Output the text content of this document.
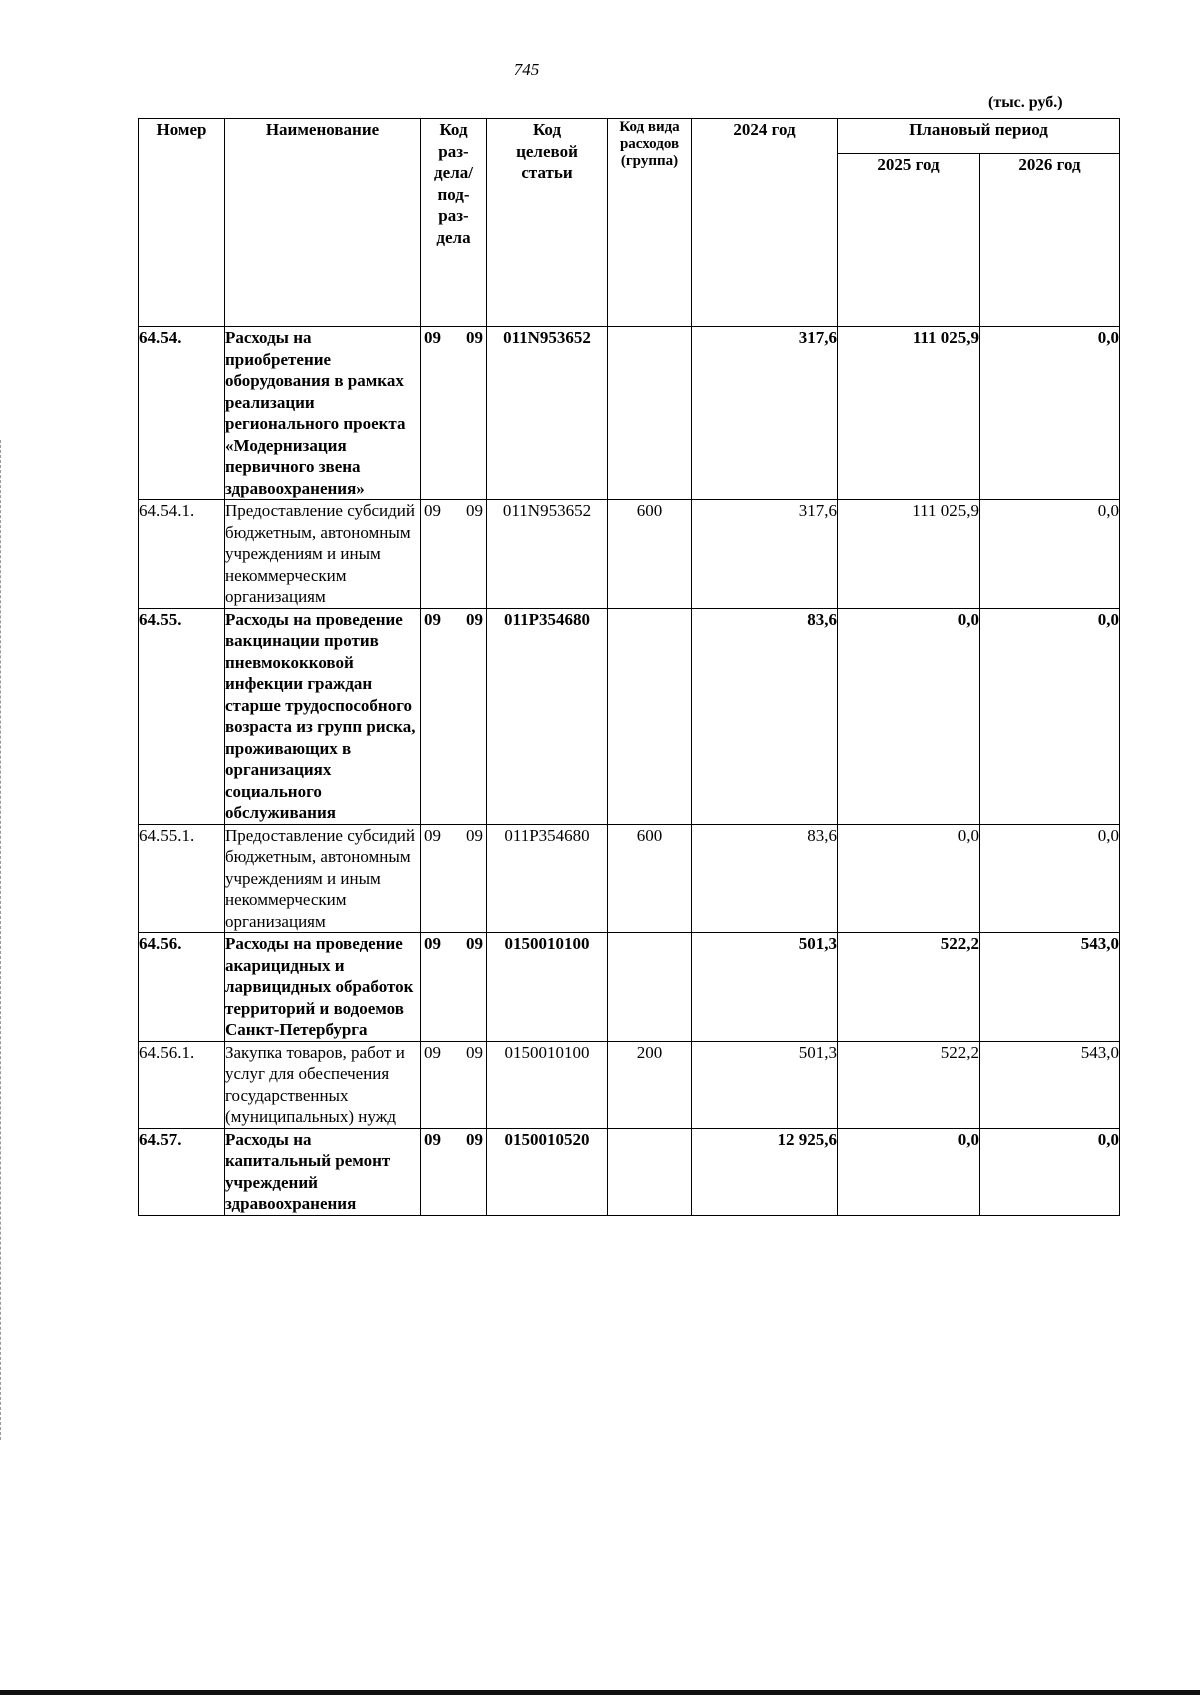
745
(тыс. руб.)
Номер	Наименование	Код раз-дела/ под-раз-дела	Код целевой статьи	Код вида расходов (группа)	2024 год	Плановый период	
						2025 год	2026 год
64.54.	Расходы на приобретение оборудования в рамках реализации регионального проекта «Модернизация первичного звена здравоохранения»	09 09	011N953652		317,6	111 025,9	0,0
64.54.1.	Предоставление субсидий бюджетным, автономным учреждениям и иным некоммерческим организациям	09 09	011N953652	600	317,6	111 025,9	0,0
64.55.	Расходы на проведение вакцинации против пневмококковой инфекции граждан старше трудоспособного возраста из групп риска, проживающих в организациях социального обслуживания	09 09	011P354680		83,6	0,0	0,0
64.55.1.	Предоставление субсидий бюджетным, автономным учреждениям и иным некоммерческим организациям	09 09	011P354680	600	83,6	0,0	0,0
64.56.	Расходы на проведение акарицидных и ларвицидных обработок территорий и водоемов Санкт-Петербурга	09 09	0150010100		501,3	522,2	543,0
64.56.1.	Закупка товаров, работ и услуг для обеспечения государственных (муниципальных) нужд	09 09	0150010100	200	501,3	522,2	543,0
64.57.	Расходы на капитальный ремонт учреждений здравоохранения	09 09	0150010520		12 925,6	0,0	0,0
